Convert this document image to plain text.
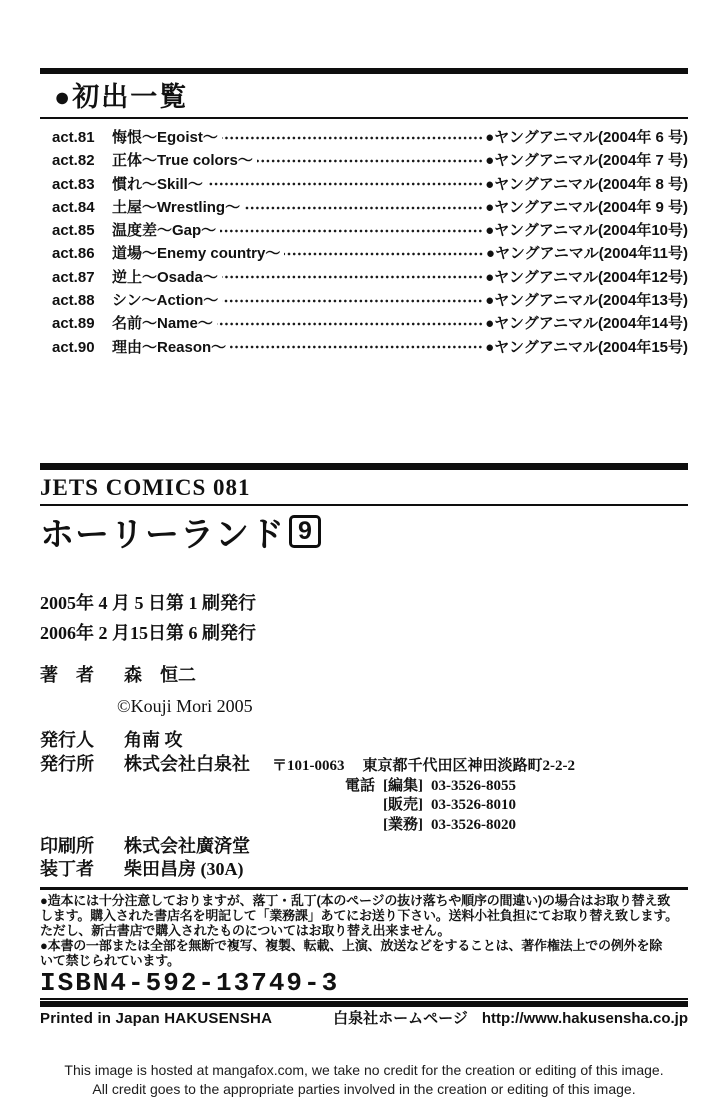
●初出一覧
act.81	悔恨～Egoist～	●ヤングアニマル(2004年 6 号)
act.82	正体～True colors～	●ヤングアニマル(2004年 7 号)
act.83	慣れ～Skill～	●ヤングアニマル(2004年 8 号)
act.84	土屋～Wrestling～	●ヤングアニマル(2004年 9 号)
act.85	温度差～Gap～	●ヤングアニマル(2004年10号)
act.86	道場～Enemy country～	●ヤングアニマル(2004年11号)
act.87	逆上～Osada～	●ヤングアニマル(2004年12号)
act.88	シン～Action～	●ヤングアニマル(2004年13号)
act.89	名前～Name～	●ヤングアニマル(2004年14号)
act.90	理由～Reason～	●ヤングアニマル(2004年15号)
JETS COMICS 081
ホーリーランド 9
2005年 4 月 5 日第 1 刷発行
2006年 2 月15日第 6 刷発行
著　者	森　恒二
©Kouji Mori 2005
発行人	角南 攻
発行所	株式会社白泉社 〒101-0063 東京都千代田区神田淡路町2-2-2
電話 [編集] 03-3526-8055
[販売] 03-3526-8010
[業務] 03-3526-8020
印刷所	株式会社廣済堂
装丁者	柴田昌房 (30A)
●造本には十分注意しておりますが、落丁・乱丁(本のページの抜け落ちや順序の間違い)の場合はお取り替え致
します。購入された書店名を明記して「業務課」あてにお送り下さい。送料小社負担にてお取り替え致します。
ただし、新古書店で購入されたものについてはお取り替え出来ません。
●本書の一部または全部を無断で複写、複製、転載、上演、放送などをすることは、著作権法上での例外を除
いて禁じられています。
ISBN4-592-13749-3
Printed in Japan HAKUSENSHA	白泉社ホームページ http://www.hakusensha.co.jp
This image is hosted at mangafox.com, we take no credit for the creation or editing of this image.
All credit goes to the appropriate parties involved in the creation or editing of this image.
